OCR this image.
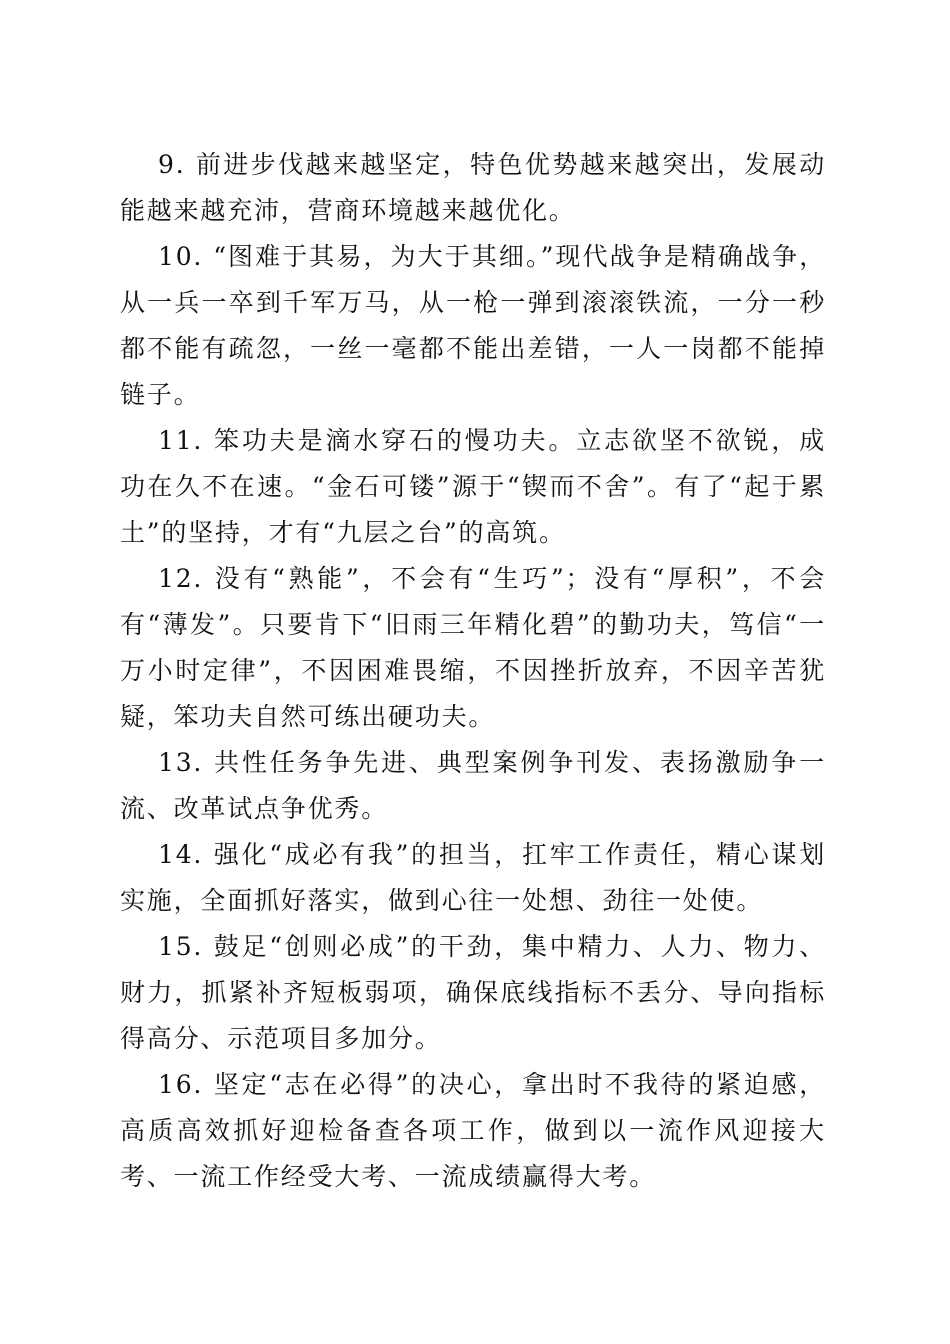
9. 前进步伐越来越坚定，特色优势越来越突出，发展动能越来越充沛，营商环境越来越优化。

10. “图难于其易，为大于其细。”现代战争是精确战争，从一兵一卒到千军万马，从一枪一弹到滚滚铁流，一分一秒都不能有疏忽，一丝一毫都不能出差错，一人一岗都不能掉链子。

11. 笨功夫是滴水穿石的慢功夫。立志欲坚不欲锐，成功在久不在速。“金石可镂”源于“锲而不舍”。有了“起于累土”的坚持，才有“九层之台”的高筑。

12. 没有“熟能”，不会有“生巧”；没有“厚积”，不会有“薄发”。只要肯下“旧雨三年精化碧”的勤功夫，笃信“一万小时定律”，不因困难畏缩，不因挫折放弃，不因辛苦犹疑，笨功夫自然可练出硬功夫。

13. 共性任务争先进、典型案例争刊发、表扬激励争一流、改革试点争优秀。

14. 强化“成必有我”的担当，扛牢工作责任，精心谋划实施，全面抓好落实，做到心往一处想、劲往一处使。

15. 鼓足“创则必成”的干劲，集中精力、人力、物力、财力，抓紧补齐短板弱项，确保底线指标不丢分、导向指标得高分、示范项目多加分。

16. 坚定“志在必得”的决心，拿出时不我待的紧迫感，高质高效抓好迎检备查各项工作，做到以一流作风迎接大考、一流工作经受大考、一流成绩赢得大考。
